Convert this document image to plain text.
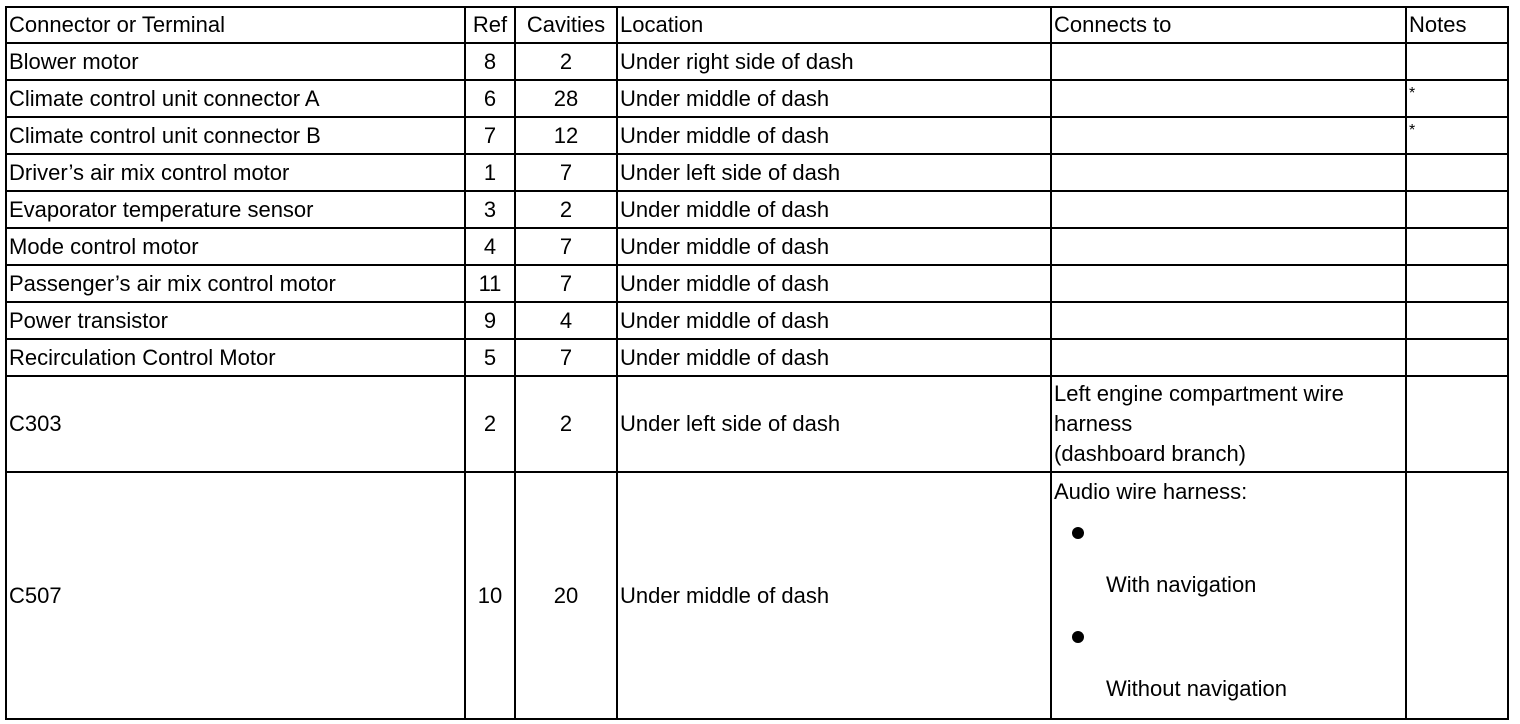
Connector or Terminal	Ref	Cavities	Location	Connects to	Notes
Blower motor	8	2	Under right side of dash		
Climate control unit connector A	6	28	Under middle of dash		*
Climate control unit connector B	7	12	Under middle of dash		*
Driver’s air mix control motor	1	7	Under left side of dash		
Evaporator temperature sensor	3	2	Under middle of dash		
Mode control motor	4	7	Under middle of dash		
Passenger’s air mix control motor	11	7	Under middle of dash		
Power transistor	9	4	Under middle of dash		
Recirculation Control Motor	5	7	Under middle of dash		
C303	2	2	Under left side of dash	Left engine compartment wire
harness
(dashboard branch)	

C507	10	20	Under middle of dash	Audio wire harness:
With navigation
Without navigation	
